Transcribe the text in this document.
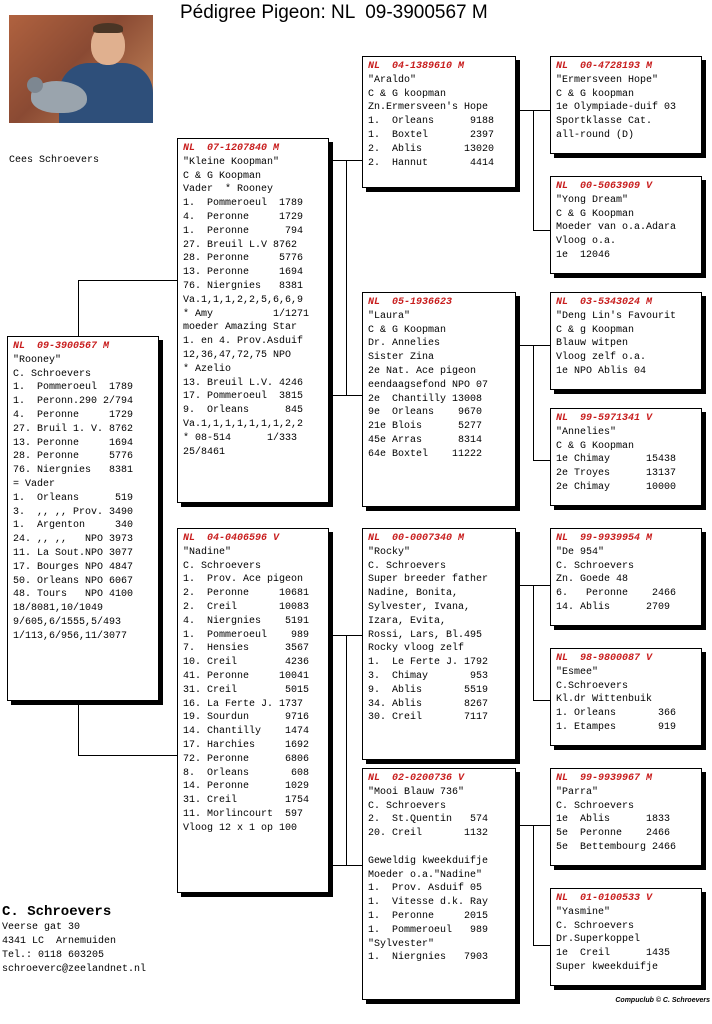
Pédigree Pigeon: NL  09-3900567 M
Cees Schroevers
NL  09-3900567 M
"Rooney"
C. Schroevers
1.  Pommeroeul  1789
1.  Peronn.290 2/794
4.  Peronne     1729
27. Bruil 1. V. 8762
13. Peronne     1694
28. Peronne     5776
76. Niergnies   8381
= Vader
1.  Orleans      519
3.  ,, ,, Prov. 3490
1.  Argenton     340
24. ,, ,,   NPO 3973
11. La Sout.NPO 3077
17. Bourges NPO 4847
50. Orleans NPO 6067
48. Tours   NPO 4100
18/8081,10/1049
9/605,6/1555,5/493
1/113,6/956,11/3077
NL  07-1207840 M
"Kleine Koopman"
C & G Koopman
Vader  * Rooney
1.  Pommeroeul  1789
4.  Peronne     1729
1.  Peronne      794
27. Breuil L.V 8762
28. Peronne     5776
13. Peronne     1694
76. Niergnies   8381
Va.1,1,1,2,2,5,6,6,9
* Amy          1/1271
moeder Amazing Star
1. en 4. Prov.Asduif
12,36,47,72,75 NPO
* Azelio
13. Breuil L.V. 4246
17. Pommeroeul  3815
9.  Orleans      845
Va.1,1,1,1,1,1,1,2,2
* 08-514      1/333
25/8461
NL  04-0406596 V
"Nadine"
C. Schroevers
1.  Prov. Ace pigeon
2.  Peronne     10681
2.  Creil       10083
4.  Niergnies    5191
1.  Pommeroeul    989
7.  Hensies      3567
10. Creil        4236
41. Peronne     10041
31. Creil        5015
16. La Ferte J. 1737
19. Sourdun      9716
14. Chantilly    1474
17. Harchies     1692
72. Peronne      6806
8.  Orleans       608
14. Peronne      1029
31. Creil        1754
11. Morlincourt  597
Vloog 12 x 1 op 100
NL  04-1389610 M
"Araldo"
C & G koopman
Zn.Ermersveen's Hope
1.  Orleans      9188
1.  Boxtel       2397
2.  Ablis       13020
2.  Hannut       4414
NL  05-1936623
"Laura"
C & G Koopman
Dr. Annelies
Sister Zina
2e Nat. Ace pigeon
eendaagsefond NPO 07
2e  Chantilly 13008
9e  Orleans    9670
21e Blois      5277
45e Arras      8314
64e Boxtel    11222
NL  00-0007340 M
"Rocky"
C. Schroevers
Super breeder father
Nadine, Bonita,
Sylvester, Ivana,
Izara, Evita,
Rossi, Lars, Bl.495
Rocky vloog zelf
1.  Le Ferte J. 1792
3.  Chimay       953
9.  Ablis       5519
34. Ablis       8267
30. Creil       7117
NL  02-0200736 V
"Mooi Blauw 736"
C. Schroevers
2.  St.Quentin   574
20. Creil       1132

Geweldig kweekduifje
Moeder o.a."Nadine"
1.  Prov. Asduif 05
1.  Vitesse d.k. Ray
1.  Peronne     2015
1.  Pommeroeul   989
"Sylvester"
1.  Niergnies   7903
NL  00-4728193 M
"Ermersveen Hope"
C & G koopman
1e Olympiade-duif 03
Sportklasse Cat.
all-round (D)
NL  00-5063909 V
"Yong Dream"
C & G Koopman
Moeder van o.a.Adara
Vloog o.a.
1e  12046
NL  03-5343024 M
"Deng Lin's Favourit
C & g Koopman
Blauw witpen
Vloog zelf o.a.
1e NPO Ablis 04
NL  99-5971341 V
"Annelies"
C & G Koopman
1e Chimay      15438
2e Troyes      13137
2e Chimay      10000
NL  99-9939954 M
"De 954"
C. Schroevers
Zn. Goede 48
6.   Peronne    2466
14. Ablis      2709
NL  98-9800087 V
"Esmee"
C.Schroevers
Kl.dr Wittenbuik
1. Orleans       366
1. Etampes       919
NL  99-9939967 M
"Parra"
C. Schroevers
1e  Ablis      1833
5e  Peronne    2466
5e  Bettembourg 2466
NL  01-0100533 V
"Yasmine"
C. Schroevers
Dr.Superkoppel
1e  Creil      1435
Super kweekduifje
C. Schroevers
Veerse gat 30
4341 LC  Arnemuiden
Tel.: 0118 603205
schroeverc@zeelandnet.nl
Compuclub © C. Schroevers
